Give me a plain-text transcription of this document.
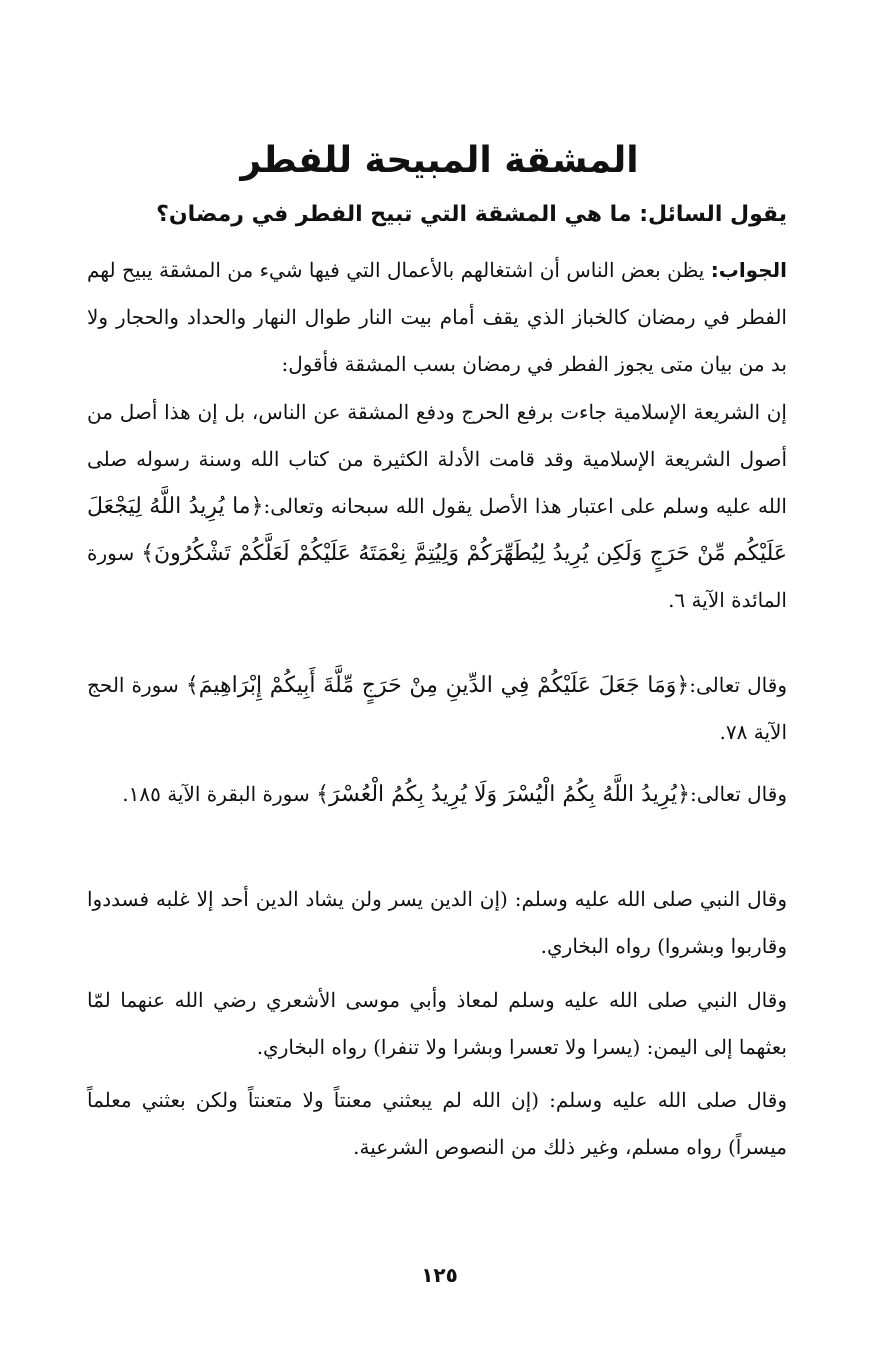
المشقة المبيحة للفطر

يقول السائل: ما هي المشقة التي تبيح الفطر في رمضان؟

الجواب: يظن بعض الناس أن اشتغالهم بالأعمال التي فيها شيء من المشقة يبيح لهم الفطر في رمضان كالخباز الذي يقف أمام بيت النار طوال النهار والحداد والحجار ولا بد من بيان متى يجوز الفطر في رمضان بسب المشقة فأقول:

إن الشريعة الإسلامية جاءت برفع الحرج ودفع المشقة عن الناس، بل إن هذا أصل من أصول الشريعة الإسلامية وقد قامت الأدلة الكثيرة من كتاب الله وسنة رسوله صلى الله عليه وسلم على اعتبار هذا الأصل يقول الله سبحانه وتعالى:﴿ما يُرِيدُ اللَّهُ لِيَجْعَلَ عَلَيْكُم مِّنْ حَرَجٍ وَلَكِن يُرِيدُ لِيُطَهِّرَكُمْ وَلِيُتِمَّ نِعْمَتَهُ عَلَيْكُمْ لَعَلَّكُمْ تَشْكُرُونَ﴾ سورة المائدة الآية ٦.

وقال تعالى:﴿وَمَا جَعَلَ عَلَيْكُمْ فِي الدِّينِ مِنْ حَرَجٍ مِّلَّةَ أَبِيكُمْ إِبْرَاهِيمَ﴾ سورة الحج الآية ٧٨.

وقال تعالى:﴿يُرِيدُ اللَّهُ بِكُمُ الْيُسْرَ وَلَا يُرِيدُ بِكُمُ الْعُسْرَ﴾ سورة البقرة الآية ١٨٥.

وقال النبي صلى الله عليه وسلم: (إن الدين يسر ولن يشاد الدين أحد إلا غلبه فسددوا وقاربوا وبشروا) رواه البخاري.

وقال النبي صلى الله عليه وسلم لمعاذ وأبي موسى الأشعري رضي الله عنهما لمّا بعثهما إلى اليمن: (يسرا ولا تعسرا وبشرا ولا تنفرا) رواه البخاري.

وقال صلى الله عليه وسلم: (إن الله لم يبعثني معنتاً ولا متعنتاً ولكن بعثني معلماً ميسراً) رواه مسلم، وغير ذلك من النصوص الشرعية.

١٢٥
